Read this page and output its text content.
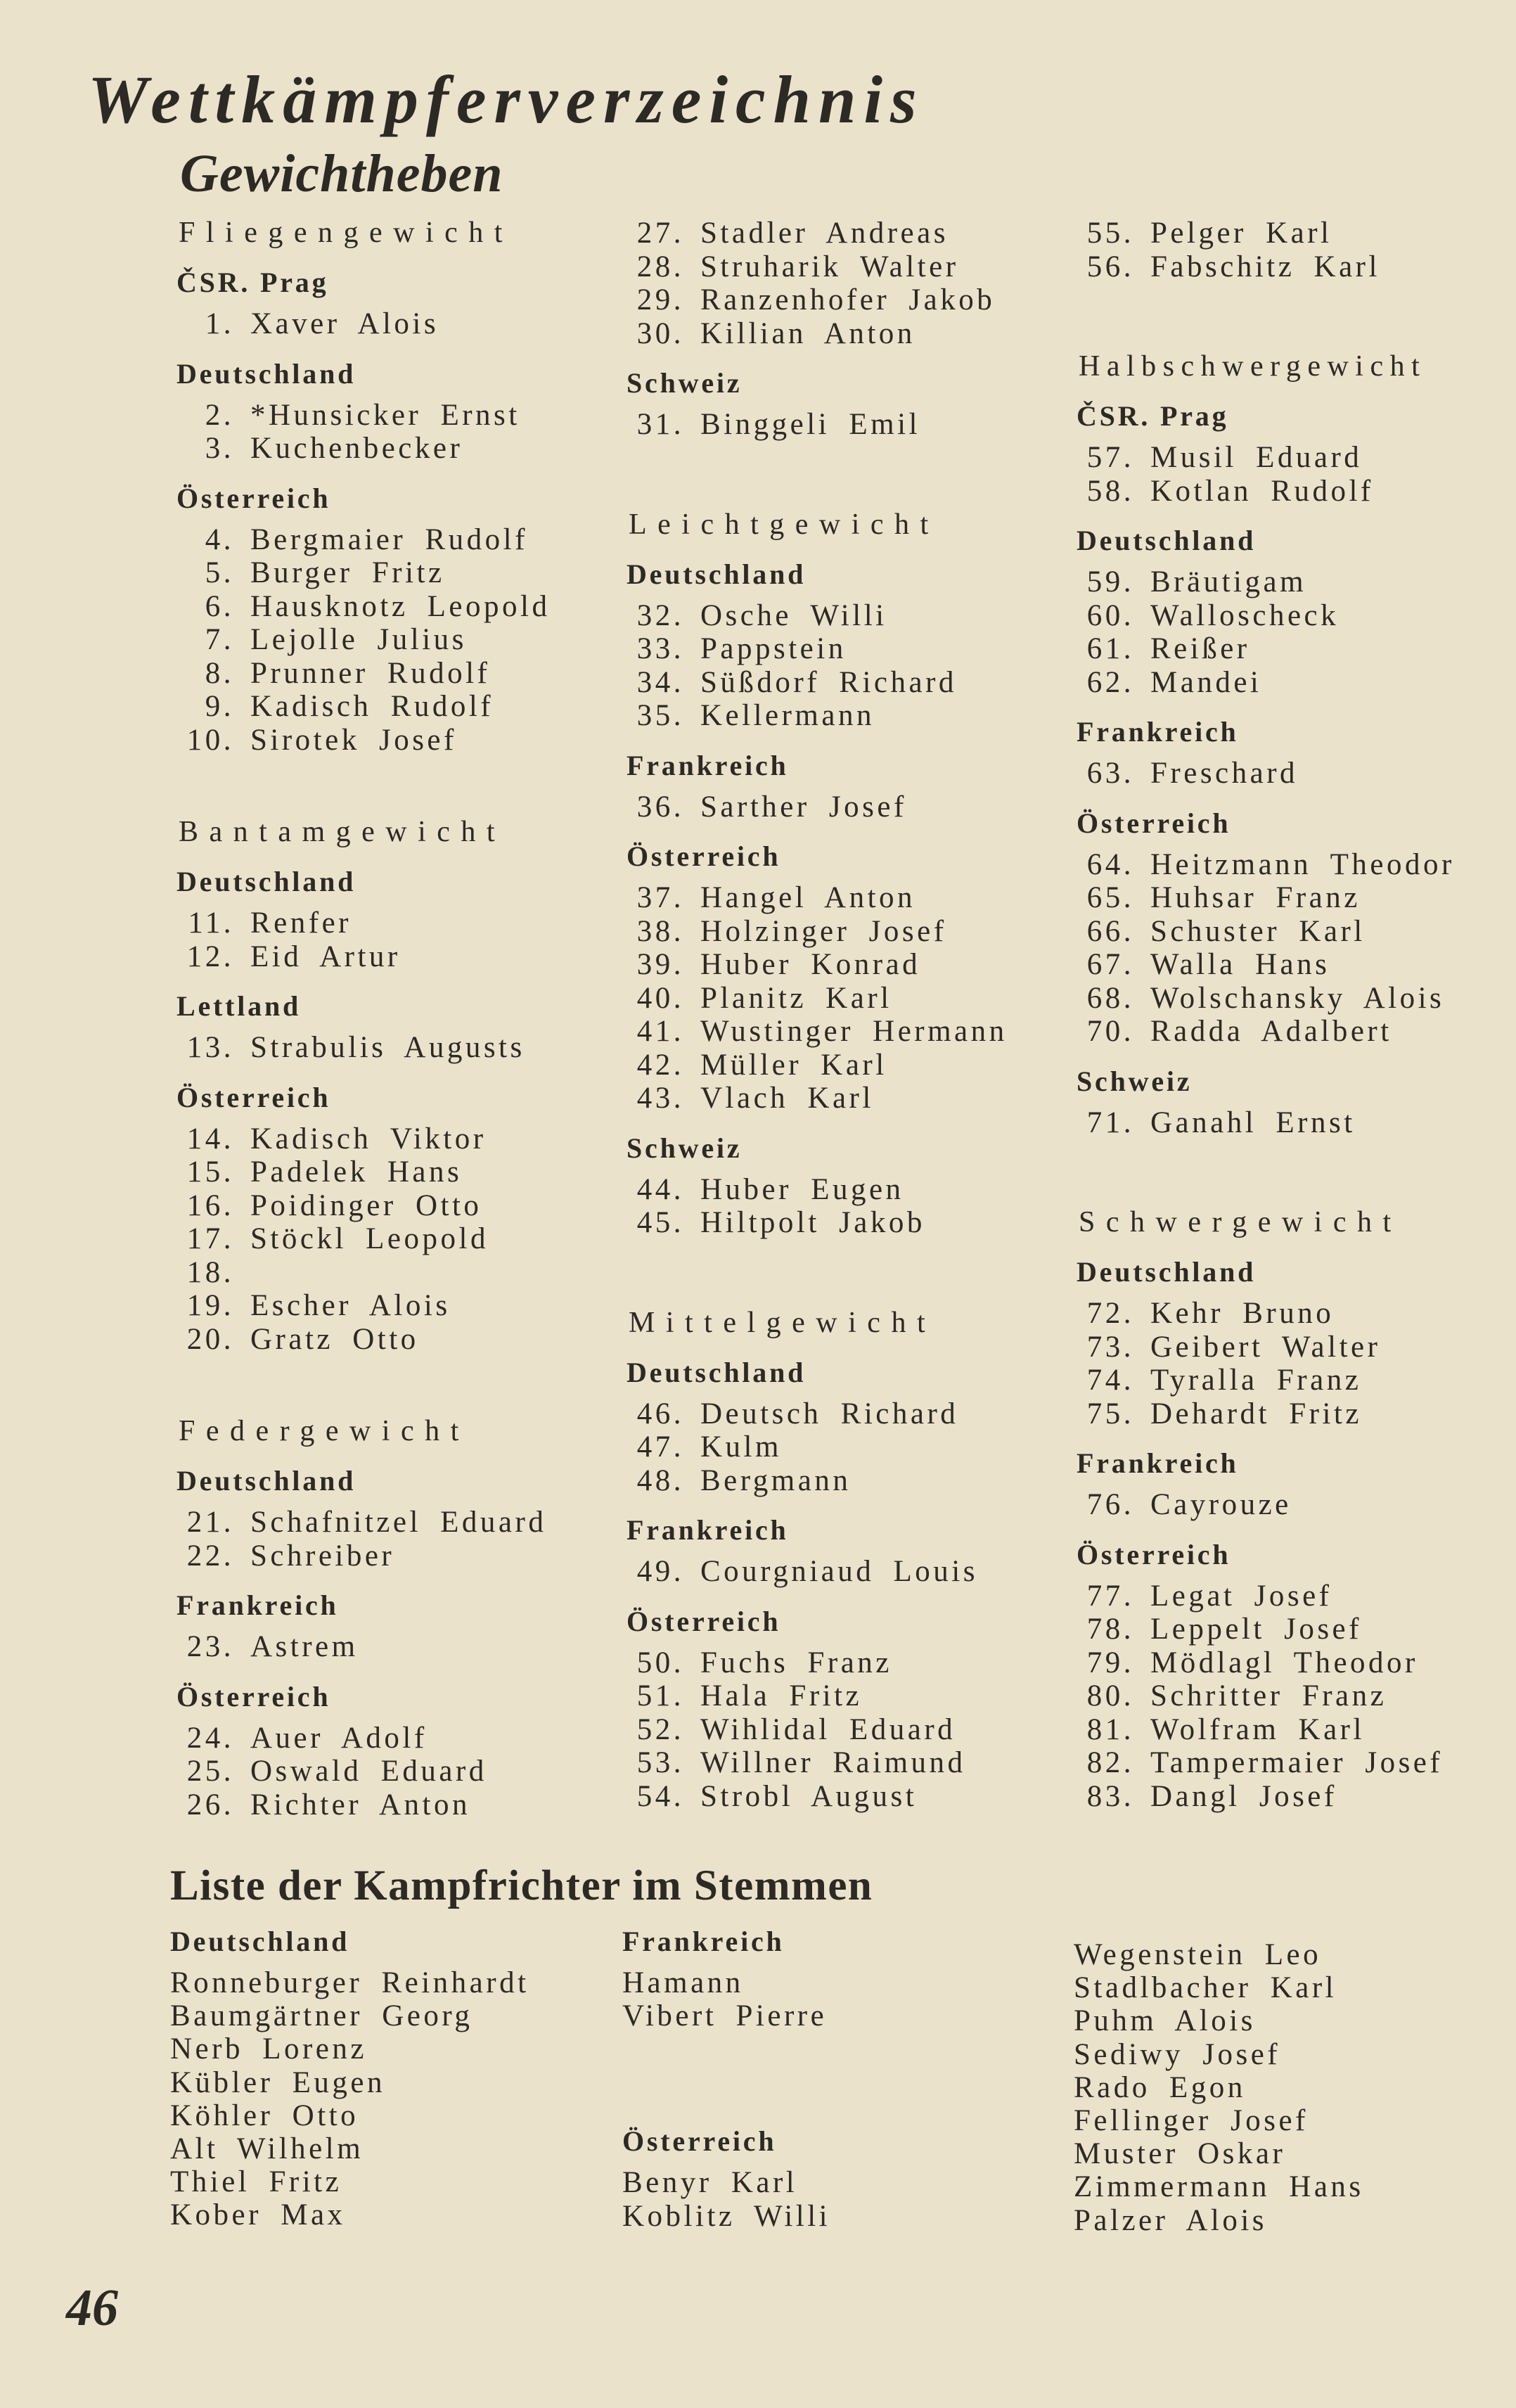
Wettkämpferverzeichnis
Gewichtheben
Fliegengewicht
ČSR. Prag
1. Xaver Alois
Deutschland
2. *Hunsicker Ernst
3. Kuchenbecker
Österreich
4. Bergmaier Rudolf
5. Burger Fritz
6. Hausknotz Leopold
7. Lejolle Julius
8. Prunner Rudolf
9. Kadisch Rudolf
10. Sirotek Josef
Bantamgewicht
Deutschland
11. Renfer
12. Eid Artur
Lettland
13. Strabulis Augusts
Österreich
14. Kadisch Viktor
15. Padelek Hans
16. Poidinger Otto
17. Stöckl Leopold
18.
19. Escher Alois
20. Gratz Otto
Federgewicht
Deutschland
21. Schafnitzel Eduard
22. Schreiber
Frankreich
23. Astrem
Österreich
24. Auer Adolf
25. Oswald Eduard
26. Richter Anton
27. Stadler Andreas
28. Struharik Walter
29. Ranzenhofer Jakob
30. Killian Anton
Schweiz
31. Binggeli Emil
Leichtgewicht
Deutschland
32. Osche Willi
33. Pappstein
34. Süßdorf Richard
35. Kellermann
Frankreich
36. Sarther Josef
Österreich
37. Hangel Anton
38. Holzinger Josef
39. Huber Konrad
40. Planitz Karl
41. Wustinger Hermann
42. Müller Karl
43. Vlach Karl
Schweiz
44. Huber Eugen
45. Hiltpolt Jakob
Mittelgewicht
Deutschland
46. Deutsch Richard
47. Kulm
48. Bergmann
Frankreich
49. Courgniaud Louis
Österreich
50. Fuchs Franz
51. Hala Fritz
52. Wihlidal Eduard
53. Willner Raimund
54. Strobl August
55. Pelger Karl
56. Fabschitz Karl
Halbschwergewicht
ČSR. Prag
57. Musil Eduard
58. Kotlan Rudolf
Deutschland
59. Bräutigam
60. Walloscheck
61. Reißer
62. Mandei
Frankreich
63. Freschard
Österreich
64. Heitzmann Theodor
65. Huhsar Franz
66. Schuster Karl
67. Walla Hans
68. Wolschansky Alois
70. Radda Adalbert
Schweiz
71. Ganahl Ernst
Schwergewicht
Deutschland
72. Kehr Bruno
73. Geibert Walter
74. Tyralla Franz
75. Dehardt Fritz
Frankreich
76. Cayrouze
Österreich
77. Legat Josef
78. Leppelt Josef
79. Mödlagl Theodor
80. Schritter Franz
81. Wolfram Karl
82. Tampermaier Josef
83. Dangl Josef
Liste der Kampfrichter im Stemmen
Deutschland
Ronneburger Reinhardt
Baumgärtner Georg
Nerb Lorenz
Kübler Eugen
Köhler Otto
Alt Wilhelm
Thiel Fritz
Kober Max
Frankreich
Hamann
Vibert Pierre
Österreich
Benyr Karl
Koblitz Willi
Wegenstein Leo
Stadlbacher Karl
Puhm Alois
Sediwy Josef
Rado Egon
Fellinger Josef
Muster Oskar
Zimmermann Hans
Palzer Alois
46
